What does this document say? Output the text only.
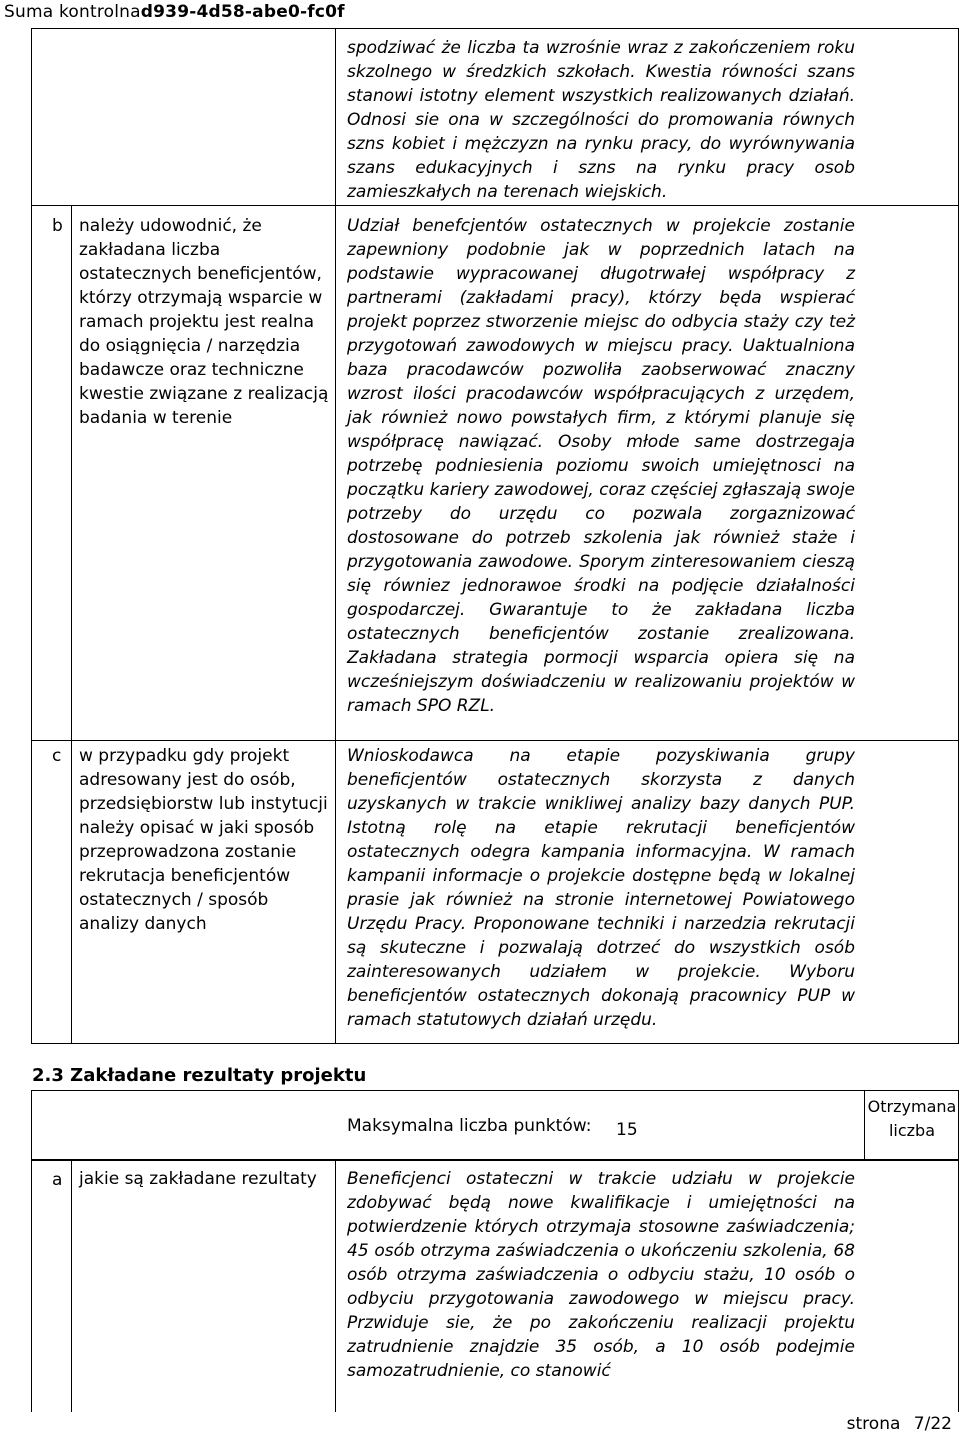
Suma kontrolnad939-4d58-abe0-fc0f
spodziwać że liczba ta wzrośnie wraz z zakończeniem roku skzolnego w średzkich szkołach. Kwestia równości szans stanowi istotny element wszystkich realizowanych działań. Odnosi sie ona w szczególności do promowania równych szns kobiet i mężczyzn na rynku pracy, do wyrównywania szans edukacyjnych i szns na rynku pracy osob zamieszkałych na terenach wiejskich.
b należy udowodnić, że zakładana liczba ostatecznych beneficjentów, którzy otrzymają wsparcie w ramach projektu jest realna do osiągnięcia / narzędzia badawcze oraz techniczne kwestie związane z realizacją badania w terenie
Udział benefcjentów ostatecznych w projekcie zostanie zapewniony podobnie jak w poprzednich latach na podstawie wypracowanej długotrwałej współpracy z partnerami (zakładami pracy), którzy będa wspierać projekt poprzez stworzenie miejsc do odbycia staży czy też przygotowań zawodowych w miejscu pracy. Uaktualniona baza pracodawców pozwoliła zaobserwować znaczny wzrost ilości pracodawców współpracujących z urzędem, jak również nowo powstałych firm, z którymi planuje się współpracę nawiązać. Osoby młode same dostrzegaja potrzebę podniesienia poziomu swoich umiejętnosci na początku kariery zawodowej, coraz częściej zgłaszają swoje potrzeby do urzędu co pozwala zorgaznizować dostosowane do potrzeb szkolenia jak również staże i przygotowania zawodowe. Sporym zinteresowaniem cieszą się równiez jednorawoe środki na podjęcie działalności gospodarczej. Gwarantuje to że zakładana liczba ostatecznych beneficjentów zostanie zrealizowana. Zakładana strategia pormocji wsparcia opiera się na wcześniejszym doświadczeniu w realizowaniu projektów w ramach SPO RZL.
c w przypadku gdy projekt adresowany jest do osób, przedsiębiorstw lub instytucji należy opisać w jaki sposób przeprowadzona zostanie rekrutacja beneficjentów ostatecznych / sposób analizy danych
Wnioskodawca na etapie pozyskiwania grupy beneficjentów ostatecznych skorzysta z danych uzyskanych w trakcie wnikliwej analizy bazy danych PUP. Istotną rolę na etapie rekrutacji beneficjentów ostatecznych odegra kampania informacyjna. W ramach kampanii informacje o projekcie dostępne będą w lokalnej prasie jak również na stronie internetowej Powiatowego Urzędu Pracy. Proponowane techniki i narzedzia rekrutacji są skuteczne i pozwalają dotrzeć do wszystkich osób zainteresowanych udziałem w projekcie. Wyboru beneficjentów ostatecznych dokonają pracownicy PUP w ramach statutowych działań urzędu.
2.3 Zakładane rezultaty projektu
Maksymalna liczba punktów: 15
Otrzymana liczba
a jakie są zakładane rezultaty	Beneficjenci ostateczni w trakcie udziału w projekcie zdobywać będą nowe kwalifikacje i umiejętności na potwierdzenie których otrzymaja stosowne zaświadczenia; 45 osób otrzyma zaświadczenia o ukończeniu szkolenia, 68 osób otrzyma zaświadczenia o odbyciu stażu, 10 osób o odbyciu przygotowania zawodowego w miejscu pracy. Przwiduje sie, że po zakończeniu realizacji projektu zatrudnienie znajdzie 35 osób, a 10 osób podejmie samozatrudnienie, co stanowić
strona 7/22
